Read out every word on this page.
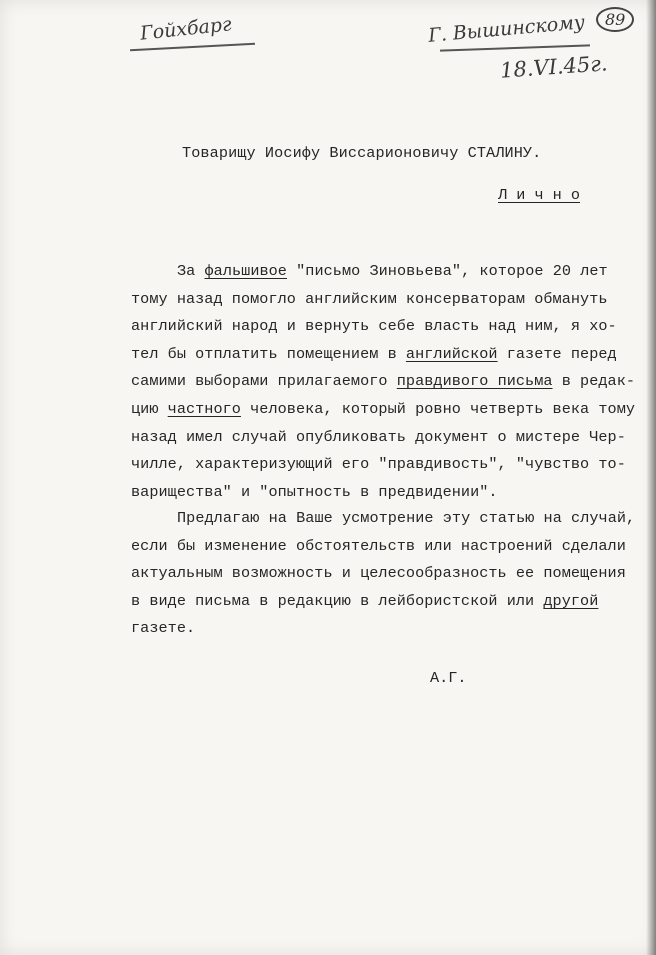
Гойхбарг	Г. Вышинскому
18.VI.45г.
89
Товарищу Иосифу Виссарионовичу СТАЛИНУ.
Л и ч н о
За фальшивое "письмо Зиновьева", которое 20 лет
тому назад помогло английским консерваторам обмануть
английский народ и вернуть себе власть над ним, я хо-
тел бы отплатить помещением в английской газете перед
самими выборами прилагаемого правдивого письма в редак-
цию частного человека, который ровно четверть века тому
назад имел случай опубликовать документ о мистере Чер-
чилле, характеризующий его "правдивость", "чувство то-
варищества" и "опытность в предвидении".
Предлагаю на Ваше усмотрение эту статью на случай,
если бы изменение обстоятельств или настроений сделали
актуальным возможность и целесообразность ее помещения
в виде письма в редакцию в лейбористской или другой
газете.
А.Г.
